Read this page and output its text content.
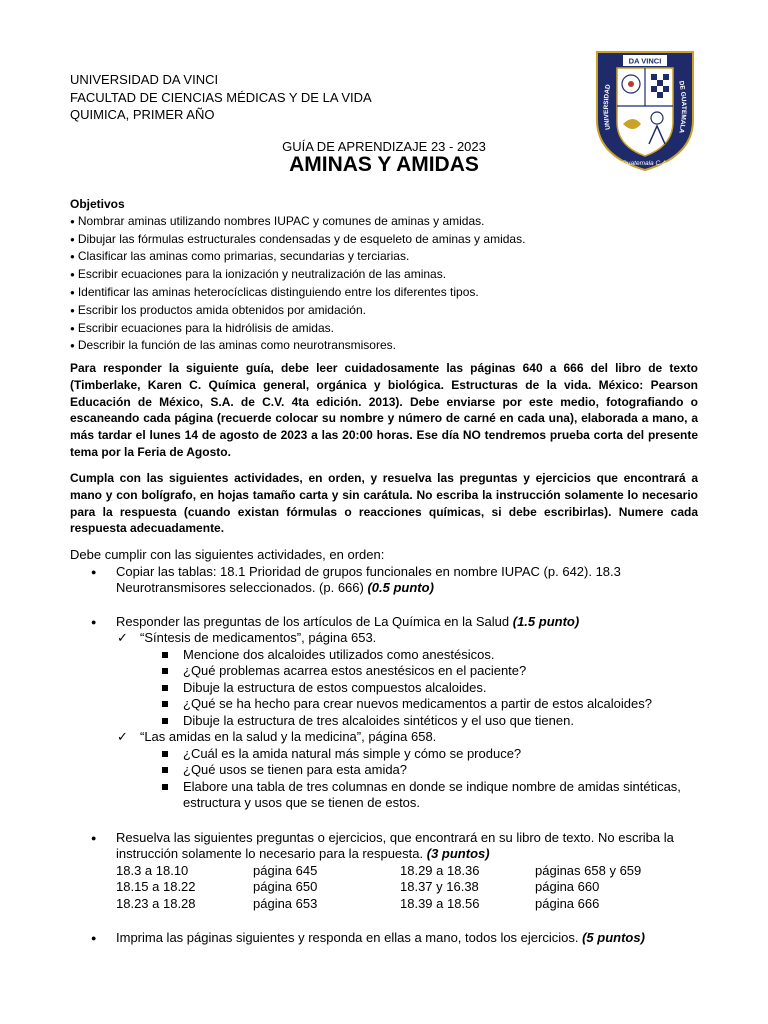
UNIVERSIDAD DA VINCI
FACULTAD DE CIENCIAS MÉDICAS Y DE LA VIDA
QUIMICA, PRIMER AÑO
DA VINCI
UNIVERSIDAD
DE GUATEMALA
Guatemala C.A.
GUÍA DE APRENDIZAJE 23 - 2023
AMINAS Y AMIDAS
Objetivos
● Nombrar aminas utilizando nombres IUPAC y comunes de aminas y amidas.
● Dibujar las fórmulas estructurales condensadas y de esqueleto de aminas y amidas.
● Clasificar las aminas como primarias, secundarias y terciarias.
● Escribir ecuaciones para la ionización y neutralización de las aminas.
● Identificar las aminas heterocíclicas distinguiendo entre los diferentes tipos.
● Escribir los productos amida obtenidos por amidación.
● Escribir ecuaciones para la hidrólisis de amidas.
● Describir la función de las aminas como neurotransmisores.
Para responder la siguiente guía, debe leer cuidadosamente las páginas 640 a 666 del libro de texto (Timberlake, Karen C. Química general, orgánica y biológica. Estructuras de la vida. México: Pearson Educación de México, S.A. de C.V. 4ta edición. 2013). Debe enviarse por este medio, fotografiando o escaneando cada página (recuerde colocar su nombre y número de carné en cada una), elaborada a mano, a más tardar el lunes 14 de agosto de 2023 a las 20:00 horas. Ese día NO tendremos prueba corta del presente tema por la Feria de Agosto.
Cumpla con las siguientes actividades, en orden, y resuelva las preguntas y ejercicios que encontrará a mano y con bolígrafo, en hojas tamaño carta y sin carátula. No escriba la instrucción solamente lo necesario para la respuesta (cuando existan fórmulas o reacciones químicas, si debe escribirlas). Numere cada respuesta adecuadamente.
Debe cumplir con las siguientes actividades, en orden:
● Copiar las tablas: 18.1 Prioridad de grupos funcionales en nombre IUPAC (p. 642). 18.3 Neurotransmisores seleccionados. (p. 666) (0.5 punto)
● Responder las preguntas de los artículos de La Química en la Salud (1.5 punto)
✓ “Síntesis de medicamentos”, página 653.
Mencione dos alcaloides utilizados como anestésicos.
¿Qué problemas acarrea estos anestésicos en el paciente?
Dibuje la estructura de estos compuestos alcaloides.
¿Qué se ha hecho para crear nuevos medicamentos a partir de estos alcaloides?
Dibuje la estructura de tres alcaloides sintéticos y el uso que tienen.
✓ “Las amidas en la salud y la medicina”, página 658.
¿Cuál es la amida natural más simple y cómo se produce?
¿Qué usos se tienen para esta amida?
Elabore una tabla de tres columnas en donde se indique nombre de amidas sintéticas, estructura y usos que se tienen de estos.
● Resuelva las siguientes preguntas o ejercicios, que encontrará en su libro de texto. No escriba la instrucción solamente lo necesario para la respuesta. (3 puntos)
18.3 a 18.10	página 645	18.29 a 18.36	páginas 658 y 659
18.15 a 18.22	página 650	18.37 y 16.38	página 660
18.23 a 18.28	página 653	18.39 a 18.56	página 666
● Imprima las páginas siguientes y responda en ellas a mano, todos los ejercicios. (5 puntos)
